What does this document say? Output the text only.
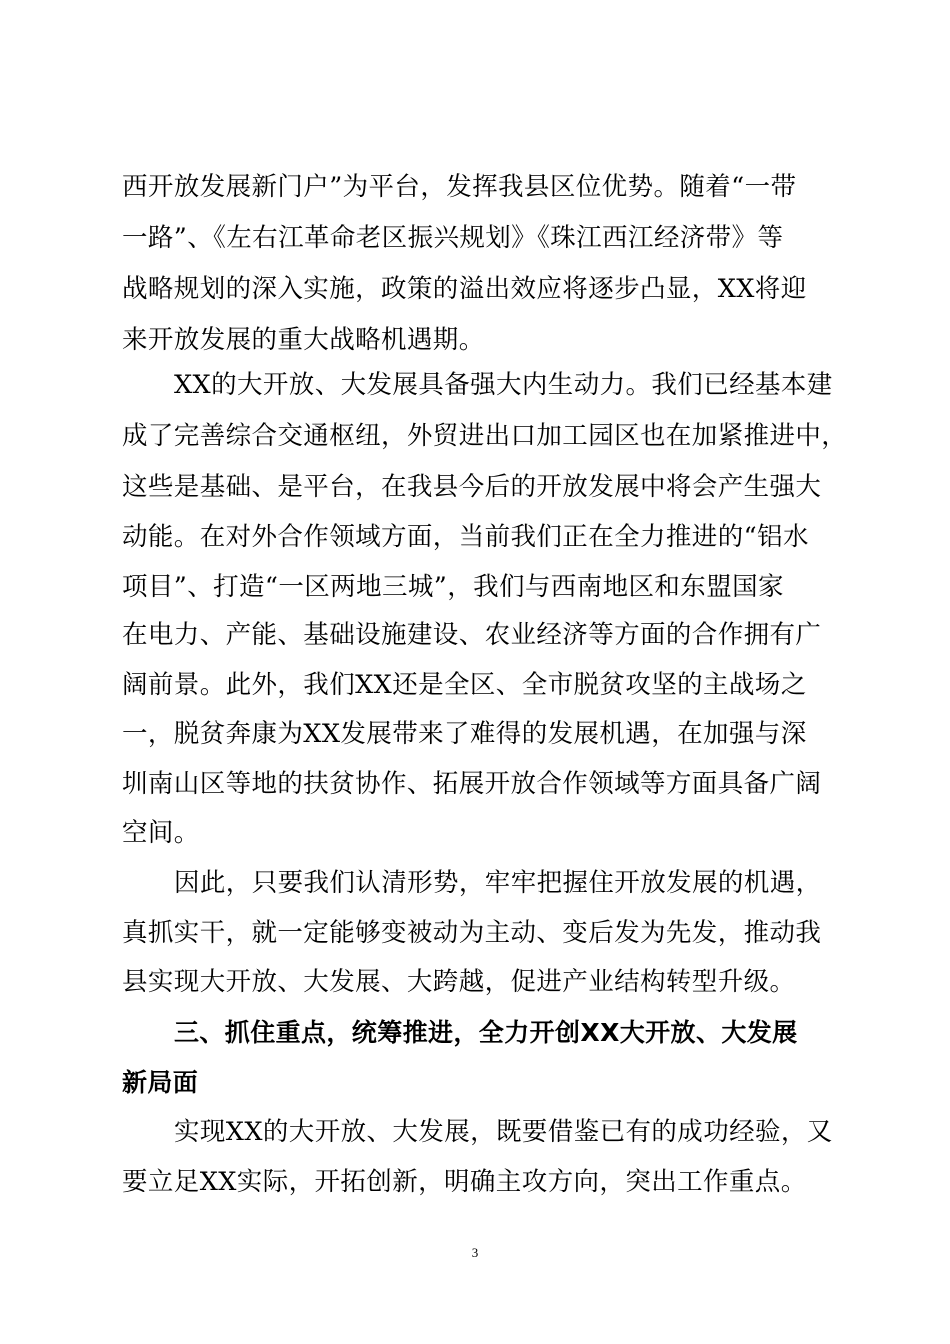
西开放发展新门户”为平台，发挥我县区位优势。随着“一带
一路”、《左右江革命老区振兴规划》《珠江西江经济带》等
战略规划的深入实施，政策的溢出效应将逐步凸显，XX将迎
来开放发展的重大战略机遇期。
XX的大开放、大发展具备强大内生动力。我们已经基本建
成了完善综合交通枢纽，外贸进出口加工园区也在加紧推进中，
这些是基础、是平台，在我县今后的开放发展中将会产生强大
动能。在对外合作领域方面，当前我们正在全力推进的“铝水
项目”、打造“一区两地三城”，我们与西南地区和东盟国家
在电力、产能、基础设施建设、农业经济等方面的合作拥有广
阔前景。此外，我们XX还是全区、全市脱贫攻坚的主战场之
一，脱贫奔康为XX发展带来了难得的发展机遇，在加强与深
圳南山区等地的扶贫协作、拓展开放合作领域等方面具备广阔
空间。
因此，只要我们认清形势，牢牢把握住开放发展的机遇，
真抓实干，就一定能够变被动为主动、变后发为先发，推动我
县实现大开放、大发展、大跨越，促进产业结构转型升级。
三、抓住重点，统筹推进，全力开创XX大开放、大发展
新局面
实现XX的大开放、大发展，既要借鉴已有的成功经验，又
要立足XX实际，开拓创新，明确主攻方向，突出工作重点。
3
